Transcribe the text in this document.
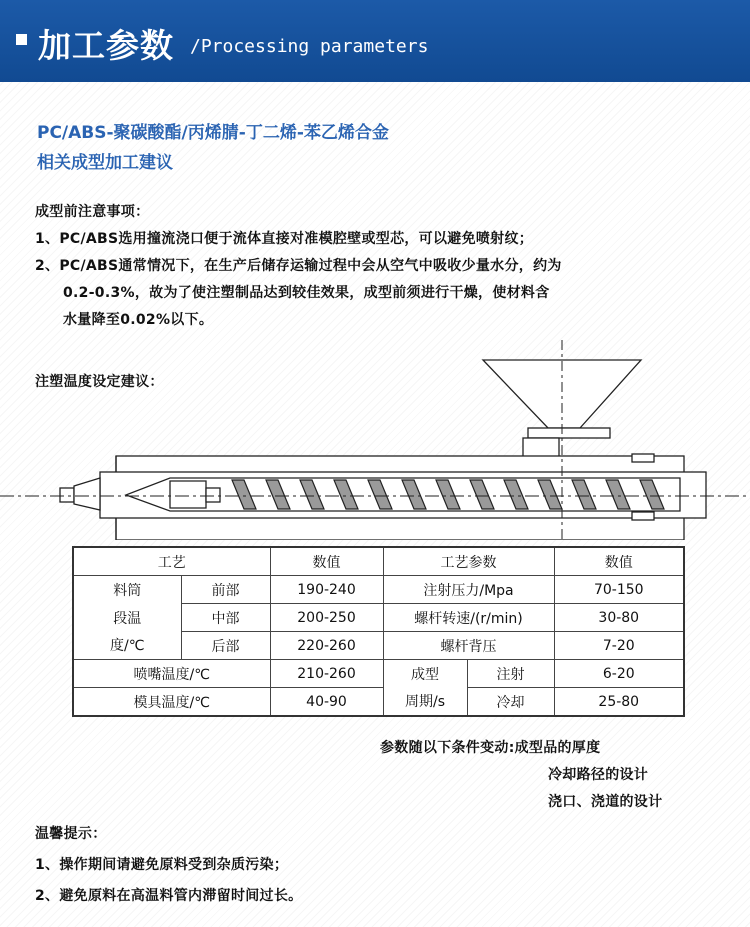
加工参数 /Processing parameters
PC/ABS-聚碳酸酯/丙烯腈-丁二烯-苯乙烯合金
相关成型加工建议
成型前注意事项：
1、PC/ABS选用撞流浇口便于流体直接对准模腔壁或型芯，可以避免喷射纹；
2、PC/ABS通常情况下，在生产后储存运输过程中会从空气中吸收少量水分，约为
0.2-0.3%，故为了使注塑制品达到较佳效果，成型前须进行干燥，使材料含
水量降至0.02%以下。
注塑温度设定建议：
工艺		数值	工艺参数		数值
料筒	前部	190-240	注射压力/Mpa		70-150
段温	中部	200-250	螺杆转速/(r/min)		30-80
度/℃	后部	220-260	螺杆背压		7-20
喷嘴温度/℃		210-260	成型	注射	6-20
模具温度/℃		40-90	周期/s	冷却	25-80
参数随以下条件变动:成型品的厚度
冷却路径的设计
浇口、浇道的设计
温馨提示：
1、操作期间请避免原料受到杂质污染；
2、避免原料在高温料管内滞留时间过长。
